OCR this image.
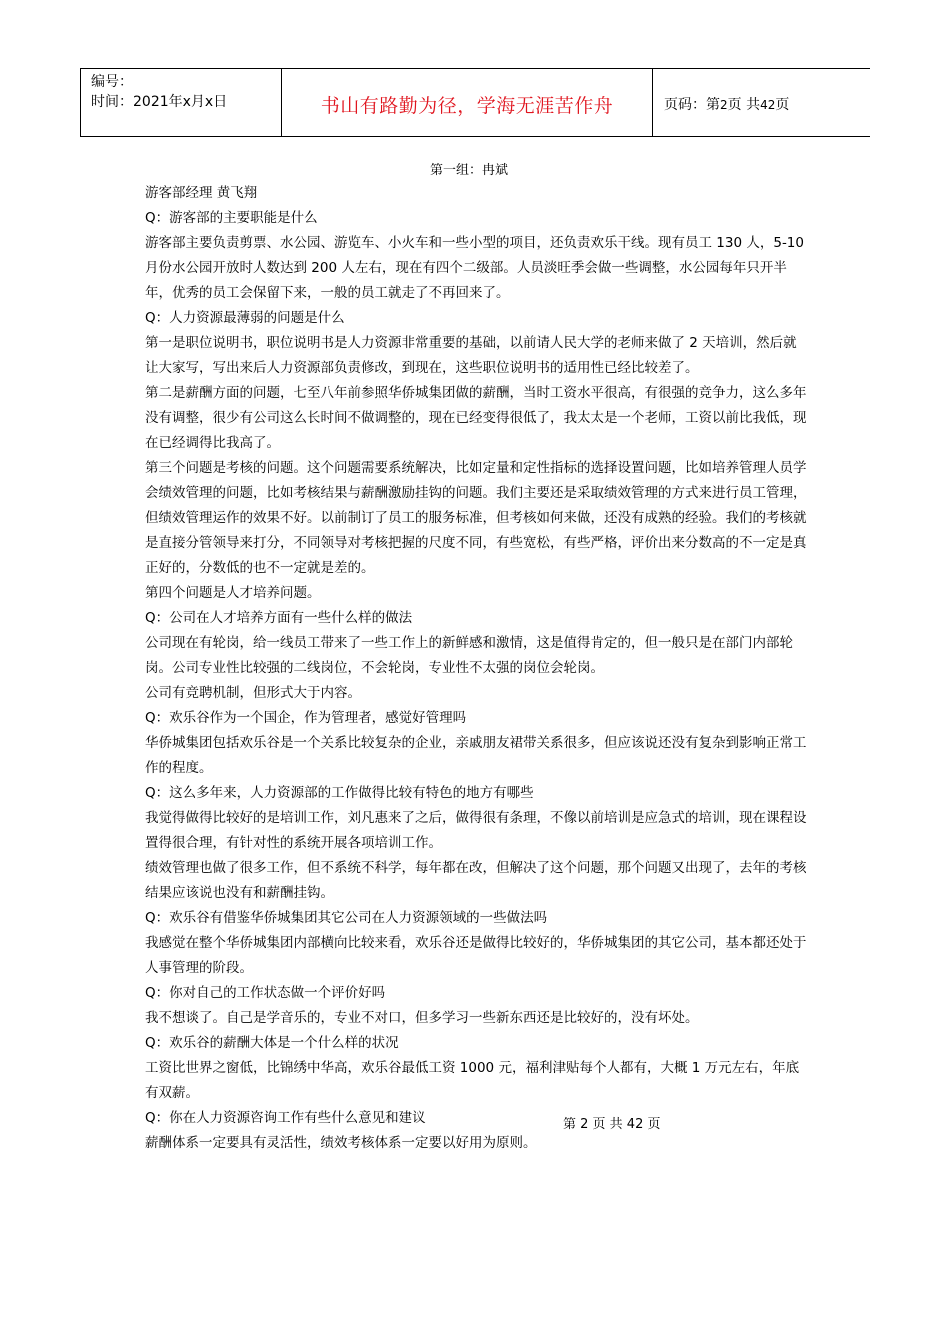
编号：
时间：2021年x月x日	书山有路勤为径，学海无涯苦作舟	页码：第2页 共42页
第一组：冉斌

游客部经理 黄飞翔

Q：游客部的主要职能是什么

游客部主要负责剪票、水公园、游览车、小火车和一些小型的项目，还负责欢乐干线。现有员工 130 人，5-10 月份水公园开放时人数达到 200 人左右，现在有四个二级部。人员淡旺季会做一些调整，水公园每年只开半年，优秀的员工会保留下来，一般的员工就走了不再回来了。

Q：人力资源最薄弱的问题是什么

第一是职位说明书，职位说明书是人力资源非常重要的基础，以前请人民大学的老师来做了 2 天培训，然后就让大家写，写出来后人力资源部负责修改，到现在，这些职位说明书的适用性已经比较差了。

第二是薪酬方面的问题，七至八年前参照华侨城集团做的薪酬，当时工资水平很高，有很强的竞争力，这么多年没有调整，很少有公司这么长时间不做调整的，现在已经变得很低了，我太太是一个老师，工资以前比我低，现在已经调得比我高了。

第三个问题是考核的问题。这个问题需要系统解决，比如定量和定性指标的选择设置问题，比如培养管理人员学会绩效管理的问题，比如考核结果与薪酬激励挂钩的问题。我们主要还是采取绩效管理的方式来进行员工管理，但绩效管理运作的效果不好。以前制订了员工的服务标准，但考核如何来做，还没有成熟的经验。我们的考核就是直接分管领导来打分，不同领导对考核把握的尺度不同，有些宽松，有些严格，评价出来分数高的不一定是真正好的，分数低的也不一定就是差的。

第四个问题是人才培养问题。

Q：公司在人才培养方面有一些什么样的做法

公司现在有轮岗，给一线员工带来了一些工作上的新鲜感和激情，这是值得肯定的，但一般只是在部门内部轮岗。公司专业性比较强的二线岗位，不会轮岗，专业性不太强的岗位会轮岗。

公司有竞聘机制，但形式大于内容。

Q：欢乐谷作为一个国企，作为管理者，感觉好管理吗

华侨城集团包括欢乐谷是一个关系比较复杂的企业，亲戚朋友裙带关系很多，但应该说还没有复杂到影响正常工作的程度。

Q：这么多年来，人力资源部的工作做得比较有特色的地方有哪些

我觉得做得比较好的是培训工作，刘凡惠来了之后，做得很有条理，不像以前培训是应急式的培训，现在课程设置得很合理，有针对性的系统开展各项培训工作。

绩效管理也做了很多工作，但不系统不科学，每年都在改，但解决了这个问题，那个问题又出现了，去年的考核结果应该说也没有和薪酬挂钩。

Q：欢乐谷有借鉴华侨城集团其它公司在人力资源领域的一些做法吗

我感觉在整个华侨城集团内部横向比较来看，欢乐谷还是做得比较好的，华侨城集团的其它公司，基本都还处于人事管理的阶段。

Q：你对自己的工作状态做一个评价好吗

我不想谈了。自己是学音乐的，专业不对口，但多学习一些新东西还是比较好的，没有坏处。

Q：欢乐谷的薪酬大体是一个什么样的状况

工资比世界之窗低，比锦绣中华高，欢乐谷最低工资 1000 元，福利津贴每个人都有，大概 1 万元左右，年底有双薪。

Q：你在人力资源咨询工作有些什么意见和建议

薪酬体系一定要具有灵活性，绩效考核体系一定要以好用为原则。

第 2 页 共 42 页
